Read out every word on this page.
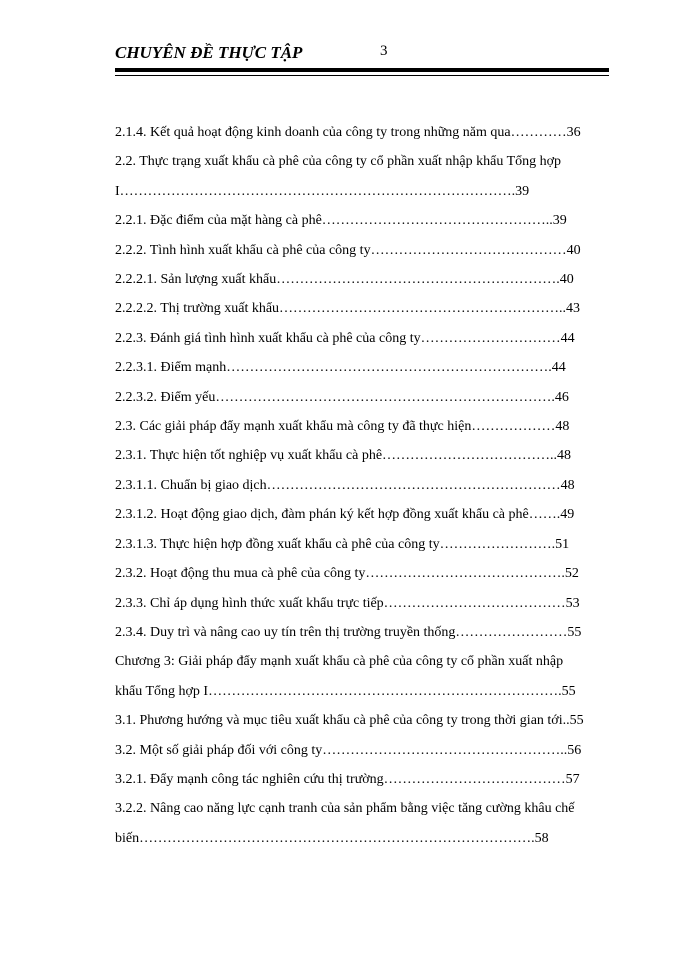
CHUYÊN ĐỀ THỰC TẬP	3
2.1.4. Kết quả hoạt động kinh doanh của công ty trong những năm qua…………36
2.2. Thực trạng xuất khẩu cà phê của công ty cổ phần xuất nhập khẩu Tổng hợp
I………………………………………………………………………….39
2.2.1. Đặc điểm của mặt hàng cà phê…………………………………………..39
2.2.2. Tình hình xuất khẩu cà phê của công ty……………………………………40
2.2.2.1. Sản lượng xuất khẩu…………………………………………………….40
2.2.2.2. Thị trường xuất khẩu……………………………………………………..43
2.2.3. Đánh giá tình hình xuất khẩu cà phê của công ty…………………………44
2.2.3.1. Điểm mạnh…………………………………………………………….44
2.2.3.2. Điểm yếu……………………………………………………………….46
2.3. Các giải pháp đẩy mạnh xuất khẩu mà công ty đã thực hiện………………48
2.3.1. Thực hiện tốt nghiệp vụ xuất khẩu cà phê………………………………..48
2.3.1.1. Chuẩn bị giao dịch………………………………………………………48
2.3.1.2. Hoạt động giao dịch, đàm phán ký kết hợp đồng xuất khẩu cà phê…….49
2.3.1.3. Thực hiện hợp đồng xuất khẩu cà phê của công ty…………………….51
2.3.2. Hoạt động thu mua cà phê của công ty…………………………………….52
2.3.3. Chỉ áp dụng hình thức xuất khẩu trực tiếp…………………………………53
2.3.4. Duy trì và nâng cao uy tín trên thị trường truyền thống……………………55
Chương 3: Giải pháp đẩy mạnh xuất khẩu cà phê của công ty cổ phần xuất nhập
khẩu Tổng hợp I………………………………………………………………….55
3.1. Phương hướng và mục tiêu xuất khẩu cà phê của công ty trong thời gian tới..55
3.2. Một số giải pháp đối với công ty……………………………………………..56
3.2.1. Đẩy mạnh công tác nghiên cứu thị trường…………………………………57
3.2.2. Nâng cao năng lực cạnh tranh của sản phẩm bằng việc tăng cường khâu chế
biến………………………………………………………………………….58
